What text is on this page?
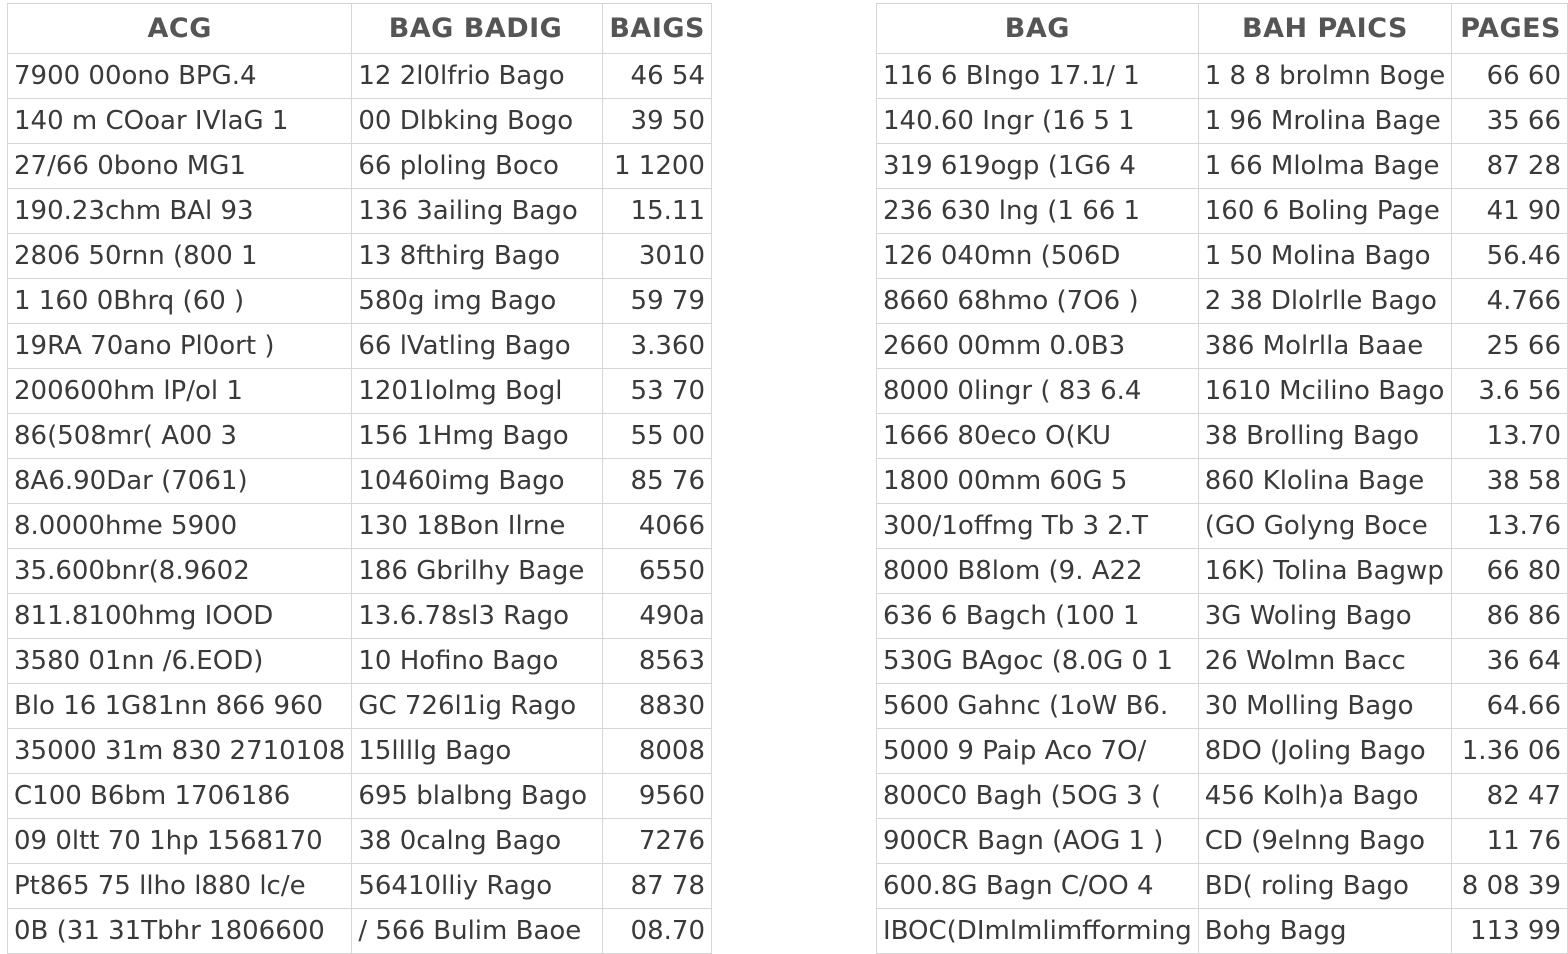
ACG	BAG BADIG	BAIGS
7900 00ono BPG.4	12 2l0lfrio Bago	46 54
140 m COoar IVlaG 1	00 Dlbking Bogo	39 50
27/66 0bono MG1	66 ploling Boco	1 1200
190.23chm BAl 93	136 3ailing Bago	15.11
2806 50rnn (800 1	13 8fthirg Bago	3010
1 160 0Bhrq (60 )	580g img Bago	59 79
19RA 70ano Pl0ort )	66 lVatling Bago	3.360
200600hm lP/ol 1	1201lolmg Bogl	53 70
86(508mr( A00 3	156 1Hmg Bago	55 00
8A6.90Dar (7061)	10460img Bago	85 76
8.0000hme 5900	130 18Bon Ilrne	4066
35.600bnr(8.9602	186 Gbrilhy Bage	6550
811.8100hmg IOOD	13.6.78sl3 Rago	490a
3580 01nn /6.EOD)	10 Hofino Bago	8563
Blo 16 1G81nn 866 960	GC 726l1ig Rago	8830
35000 31m 830 2710108	15llllg Bago	8008
C100 B6bm 1706186	695 blalbng Bago	9560
09 0ltt 70 1hp 1568170	38 0calng Bago	7276
Pt865 75 llho l880 lc/e	56410lliy Rago	87 78
0B (31 31Tbhr 1806600	/ 566 Bulim Baoe	08.70
BAG	BAH PAICS	PAGES
116 6 BIngo 17.1/ 1	1 8 8 brolmn Boge	66 60
140.60 Ingr (16 5 1	1 96 Mrolina Bage	35 66
319 619ogp (1G6 4	1 66 Mlolma Bage	87 28
236 630 lng (1 66 1	160 6 Boling Page	41 90
126 040mn (506D	1 50 Molina Bago	56.46
8660 68hmo (7O6 )	2 38 Dlolrlle Bago	4.766
2660 00mm 0.0B3	386 Molrlla Baae	25 66
8000 0lingr ( 83 6.4	1610 Mcilino Bago	3.6 56
1666 80eco O(KU	38 Brolling Bago	13.70
1800 00mm 60G 5	860 Klolina Bage	38 58
300/1offmg Tb 3 2.T	(GO Golyng Boce	13.76
8000 B8lom (9. A22	16K) Tolina Bagwp	66 80
636 6 Bagch (100 1	3G Woling Bago	86 86
530G BAgoc (8.0G 0 1	26 Wolmn Bacc	36 64
5600 Gahnc (1oW B6.	30 Molling Bago	64.66
5000 9 Paip Aco 7O/	8DO (Joling Bago	1.36 06
800C0 Bagh (5OG 3 (	456 Kolh)a Bago	82 47
900CR Bagn (AOG 1 )	CD (9elnng Bago	11 76
600.8G Bagn C/OO 4	BD( roling Bago	8 08 39
IBOC(DImlmlimfforming	Bohg Bagg	113 99
